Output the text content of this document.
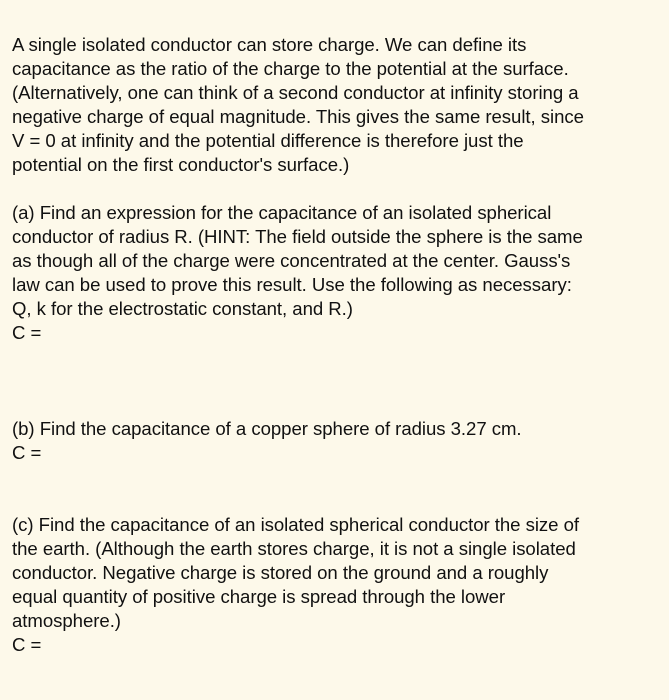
A single isolated conductor can store charge. We can define its
capacitance as the ratio of the charge to the potential at the surface.
(Alternatively, one can think of a second conductor at infinity storing a
negative charge of equal magnitude. This gives the same result, since
V = 0 at infinity and the potential difference is therefore just the
potential on the first conductor's surface.)

(a) Find an expression for the capacitance of an isolated spherical
conductor of radius R. (HINT: The field outside the sphere is the same
as though all of the charge were concentrated at the center. Gauss's
law can be used to prove this result. Use the following as necessary:
Q, k for the electrostatic constant, and R.)
C =
(b) Find the capacitance of a copper sphere of radius 3.27 cm.
C =
(c) Find the capacitance of an isolated spherical conductor the size of
the earth. (Although the earth stores charge, it is not a single isolated
conductor. Negative charge is stored on the ground and a roughly
equal quantity of positive charge is spread through the lower
atmosphere.)
C =
